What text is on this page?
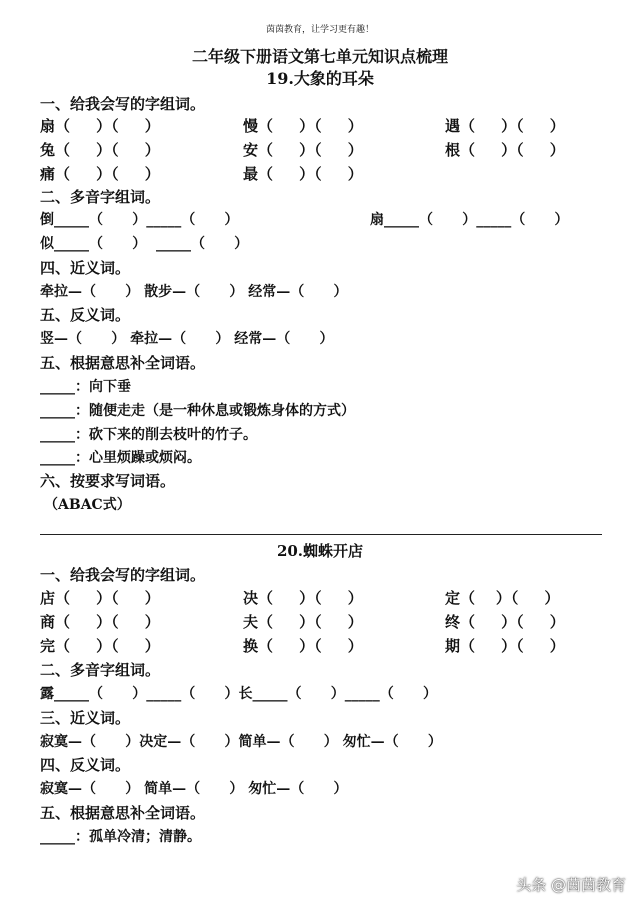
茵茵教育，让学习更有趣！
二年级下册语文第七单元知识点梳理
19.大象的耳朵
一、给我会写的字组词。
扇（     ）（     ）	慢（     ）（     ）	遇（     ）（     ）
兔（     ）（     ）	安（     ）（     ）	根（     ）（     ）
痛（     ）（     ）	最（     ）（     ）
二、多音字组词。
倒_____（      ）_____（      ）	扇_____（      ）_____（      ）
似_____（      ）  _____（      ）
四、近义词。
牵拉—（      ） 散步—（      ） 经常—（      ）
五、反义词。
竖—（      ） 牵拉—（      ） 经常—（      ）
五、根据意思补全词语。
_____：向下垂
_____：随便走走（是一种休息或锻炼身体的方式）
_____：砍下来的削去枝叶的竹子。
_____：心里烦躁或烦闷。
六、按要求写词语。
（ABAC式）
20.蜘蛛开店
一、给我会写的字组词。
店（     ）（     ）	决（     ）（     ）	定（    ）（     ）
商（     ）（     ）	夫（     ）（     ）	终（     ）（     ）
完（     ）（     ）	换（     ）（     ）	期（     ）（     ）
二、多音字组词。
露_____（      ）_____（      ）长_____（      ）_____（      ）
三、近义词。
寂寞—（      ）决定—（      ）简单—（      ） 匆忙—（      ）
四、反义词。
寂寞—（      ） 简单—（      ） 匆忙—（      ）
五、根据意思补全词语。
_____：孤单冷清；清静。
头条 @茵茵教育
